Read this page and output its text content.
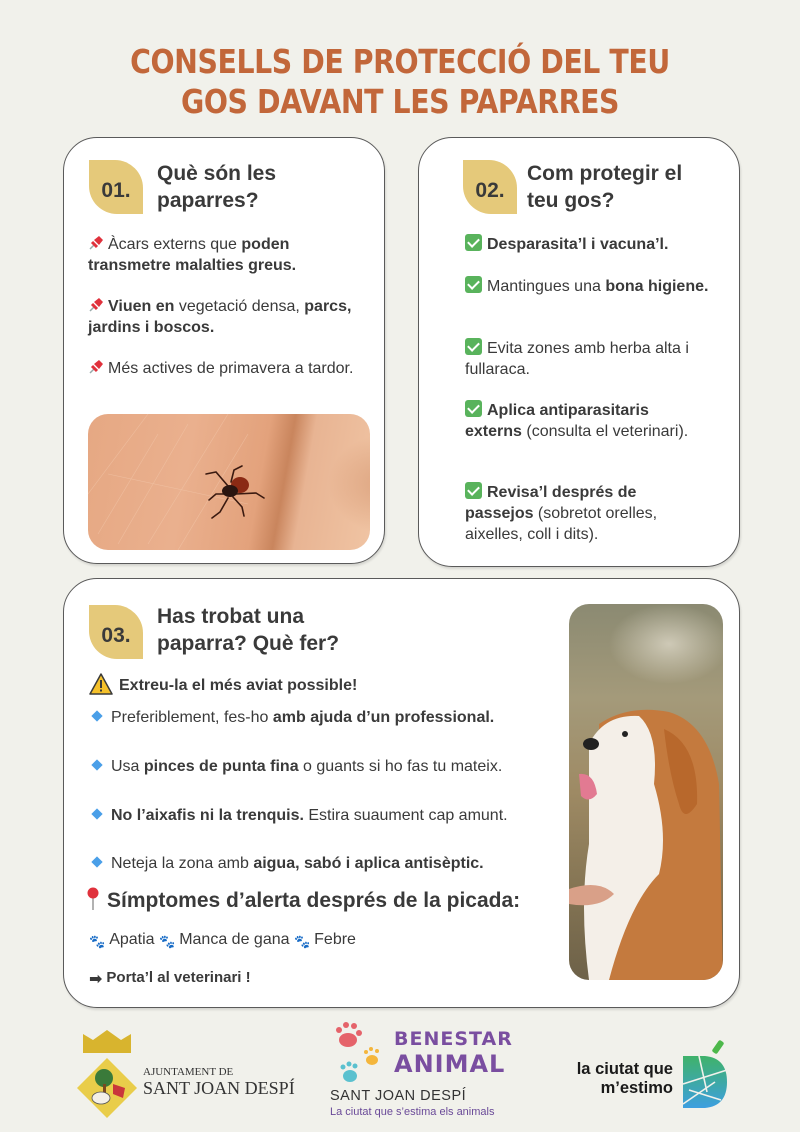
CONSELLS DE PROTECCIÓ DEL TEU
GOS DAVANT LES PAPARRES
01.
Què són les
paparres?

Àcars externs que poden transmetre malalties greus.

Viuen en vegetació densa, parcs, jardins i boscos.

Més actives de primavera a tardor.

02.
Com protegir el
teu gos?

Desparasita’l i vacuna’l.

Mantingues una bona higiene.

Evita zones amb herba alta i fullaraca.

Aplica antiparasitaris externs (consulta el veterinari).

Revisa’l després de passejos (sobretot orelles, aixelles, coll i dits).

03.
Has trobat una
paparra? Què fer?

Extreu-la el més aviat possible!

Preferiblement, fes-ho amb ajuda d’un professional.

Usa pinces de punta fina o guants si ho fas tu mateix.

No l’aixafis ni la trenquis. Estira suaument cap amunt.

Neteja la zona amb aigua, sabó i aplica antisèptic.

Símptomes d’alerta després de la picada:

🐾 Apatia 🐾 Manca de gana 🐾 Febre

➡ Porta’l al veterinari !

AJUNTAMENT DE
SANT JOAN DESPÍ
BENESTAR
ANIMAL
SANT JOAN DESPÍ
La ciutat que s’estima els animals
la ciutat que
m’estimo
